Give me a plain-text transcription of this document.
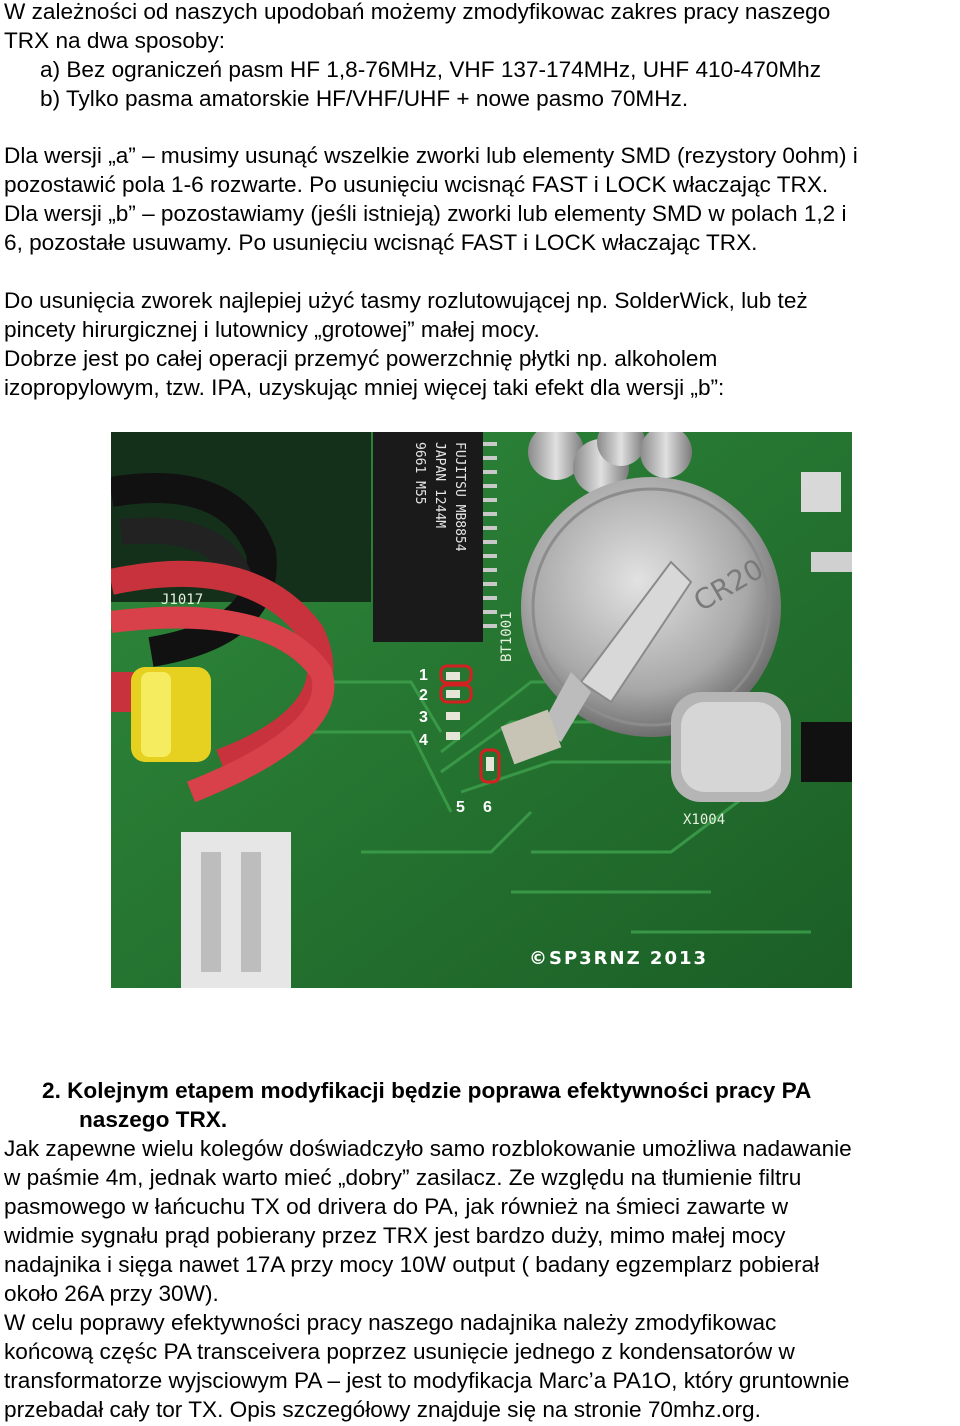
W zależności od naszych upodobań możemy zmodyfikowac zakres pracy naszego
TRX na dwa sposoby:
a) Bez ograniczeń pasm HF 1,8-76MHz, VHF 137-174MHz, UHF 410-470Mhz
b) Tylko pasma amatorskie HF/VHF/UHF + nowe pasmo 70MHz.
Dla wersji „a” – musimy usunąć wszelkie zworki lub elementy SMD (rezystory 0ohm) i
pozostawić pola 1-6 rozwarte. Po usunięciu wcisnąć FAST i LOCK właczając TRX.
Dla wersji „b” – pozostawiamy (jeśli istnieją) zworki lub elementy SMD w polach 1,2 i
6, pozostałe usuwamy. Po usunięciu wcisnąć FAST i LOCK właczając TRX.
Do usunięcia zworek najlepiej użyć tasmy rozlutowującej np. SolderWick, lub też
pincety hirurgicznej i lutownicy „grotowej” małej mocy.
Dobrze jest po całej operacji przemyć powerzchnię płytki np. alkoholem
izopropylowym, tzw. IPA, uzyskując mniej więcej taki efekt dla wersji „b”:
FUJITSU MB8854
JAPAN 1244M
9661 M55
CR20
BT1001
X1004
J1017
1
2
3
4
5 6
©SP3RNZ 2013
2. Kolejnym etapem modyfikacji będzie poprawa efektywności pracy PA
naszego TRX.
Jak zapewne wielu kolegów doświadczyło samo rozblokowanie umożliwa nadawanie
w paśmie 4m, jednak warto mieć „dobry” zasilacz. Ze względu na tłumienie filtru
pasmowego w łańcuchu TX od drivera do PA, jak również na śmieci zawarte w
widmie sygnału prąd pobierany przez TRX jest bardzo duży, mimo małej mocy
nadajnika i sięga nawet 17A przy mocy 10W output ( badany egzemplarz pobierał
około 26A przy 30W).
W celu poprawy efektywności pracy naszego nadajnika należy zmodyfikowac
końcową częśc PA transceivera poprzez usunięcie jednego z kondensatorów w
transformatorze wyjsciowym PA – jest to modyfikacja Marc’a PA1O, który gruntownie
przebadał cały tor TX. Opis szczegółowy znajduje się na stronie 70mhz.org.
